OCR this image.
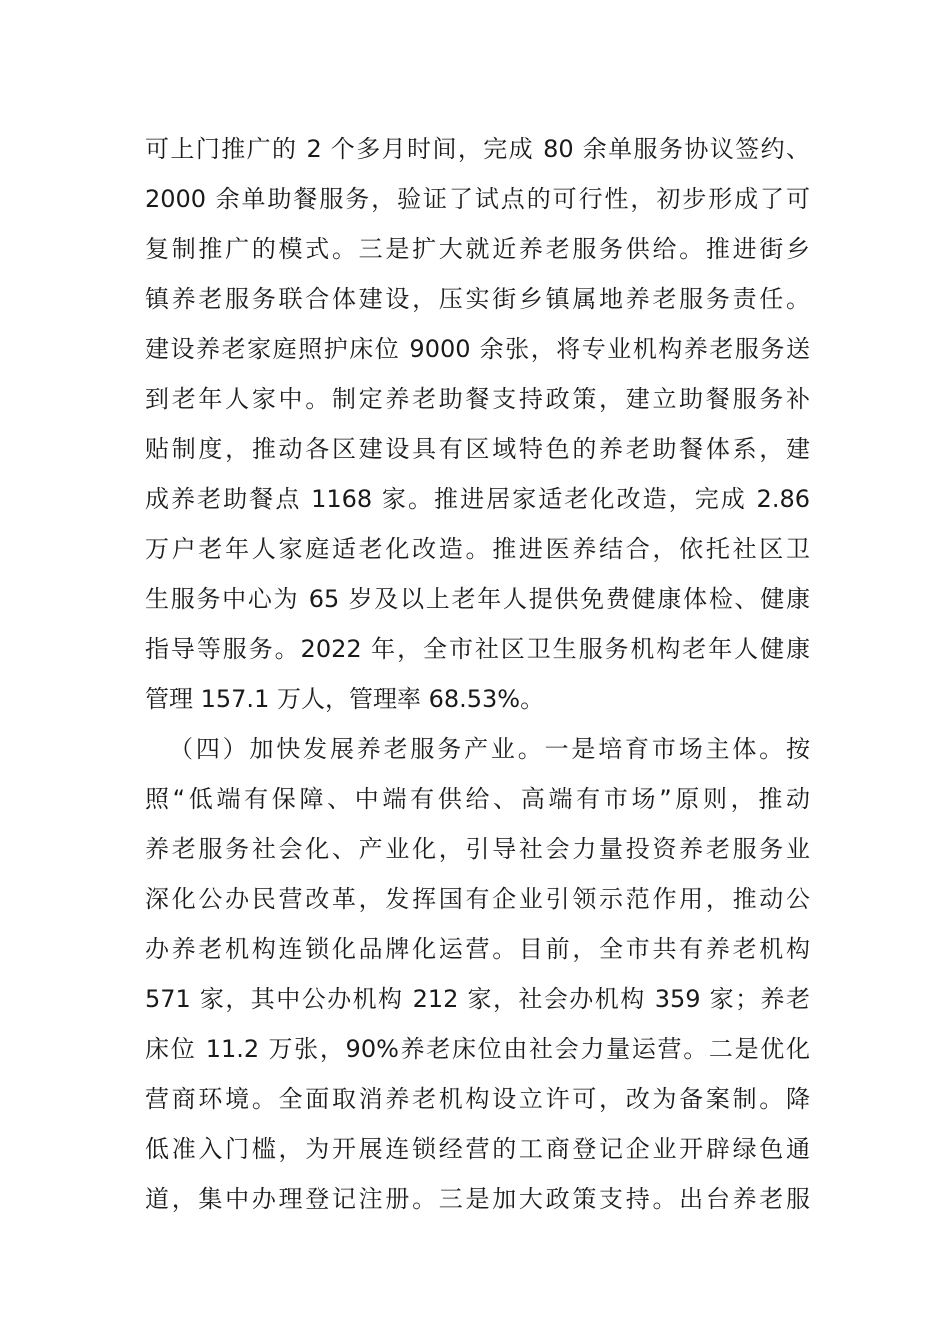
可上门推广的 2 个多月时间，完成 80 余单服务协议签约、
2000 余单助餐服务，验证了试点的可行性，初步形成了可
复制推广的模式。三是扩大就近养老服务供给。推进街乡
镇养老服务联合体建设，压实街乡镇属地养老服务责任。
建设养老家庭照护床位 9000 余张，将专业机构养老服务送
到老年人家中。制定养老助餐支持政策，建立助餐服务补
贴制度，推动各区建设具有区域特色的养老助餐体系，建
成养老助餐点 1168 家。推进居家适老化改造，完成 2.86
万户老年人家庭适老化改造。推进医养结合，依托社区卫
生服务中心为 65 岁及以上老年人提供免费健康体检、健康
指导等服务。2022 年，全市社区卫生服务机构老年人健康
管理 157.1 万人，管理率 68.53%。
（四）加快发展养老服务产业。一是培育市场主体。按
照“低端有保障、中端有供给、高端有市场”原则，推动
养老服务社会化、产业化，引导社会力量投资养老服务业
深化公办民营改革，发挥国有企业引领示范作用，推动公
办养老机构连锁化品牌化运营。目前，全市共有养老机构
571 家，其中公办机构 212 家，社会办机构 359 家；养老
床位 11.2 万张，90%养老床位由社会力量运营。二是优化
营商环境。全面取消养老机构设立许可，改为备案制。降
低准入门槛，为开展连锁经营的工商登记企业开辟绿色通
道，集中办理登记注册。三是加大政策支持。出台养老服
